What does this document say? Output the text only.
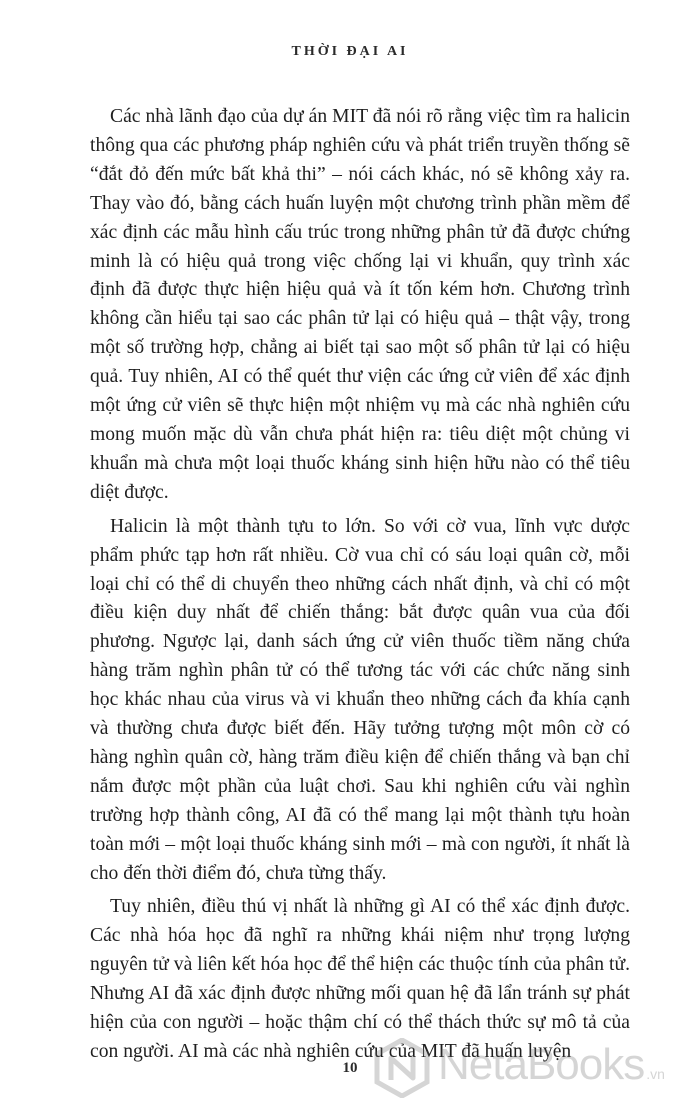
THỜI ĐẠI AI

Các nhà lãnh đạo của dự án MIT đã nói rõ rằng việc tìm ra halicin thông qua các phương pháp nghiên cứu và phát triển truyền thống sẽ “đắt đỏ đến mức bất khả thi” – nói cách khác, nó sẽ không xảy ra. Thay vào đó, bằng cách huấn luyện một chương trình phần mềm để xác định các mẫu hình cấu trúc trong những phân tử đã được chứng minh là có hiệu quả trong việc chống lại vi khuẩn, quy trình xác định đã được thực hiện hiệu quả và ít tốn kém hơn. Chương trình không cần hiểu tại sao các phân tử lại có hiệu quả – thật vậy, trong một số trường hợp, chẳng ai biết tại sao một số phân tử lại có hiệu quả. Tuy nhiên, AI có thể quét thư viện các ứng cử viên để xác định một ứng cử viên sẽ thực hiện một nhiệm vụ mà các nhà nghiên cứu mong muốn mặc dù vẫn chưa phát hiện ra: tiêu diệt một chủng vi khuẩn mà chưa một loại thuốc kháng sinh hiện hữu nào có thể tiêu diệt được.

Halicin là một thành tựu to lớn. So với cờ vua, lĩnh vực dược phẩm phức tạp hơn rất nhiều. Cờ vua chỉ có sáu loại quân cờ, mỗi loại chỉ có thể di chuyển theo những cách nhất định, và chỉ có một điều kiện duy nhất để chiến thắng: bắt được quân vua của đối phương. Ngược lại, danh sách ứng cử viên thuốc tiềm năng chứa hàng trăm nghìn phân tử có thể tương tác với các chức năng sinh học khác nhau của virus và vi khuẩn theo những cách đa khía cạnh và thường chưa được biết đến. Hãy tưởng tượng một môn cờ có hàng nghìn quân cờ, hàng trăm điều kiện để chiến thắng và bạn chỉ nắm được một phần của luật chơi. Sau khi nghiên cứu vài nghìn trường hợp thành công, AI đã có thể mang lại một thành tựu hoàn toàn mới – một loại thuốc kháng sinh mới – mà con người, ít nhất là cho đến thời điểm đó, chưa từng thấy.

Tuy nhiên, điều thú vị nhất là những gì AI có thể xác định được. Các nhà hóa học đã nghĩ ra những khái niệm như trọng lượng nguyên tử và liên kết hóa học để thể hiện các thuộc tính của phân tử. Nhưng AI đã xác định được những mối quan hệ đã lẩn tránh sự phát hiện của con người – hoặc thậm chí có thể thách thức sự mô tả của con người. AI mà các nhà nghiên cứu của MIT đã huấn luyện

10	NetaBooks .vn
